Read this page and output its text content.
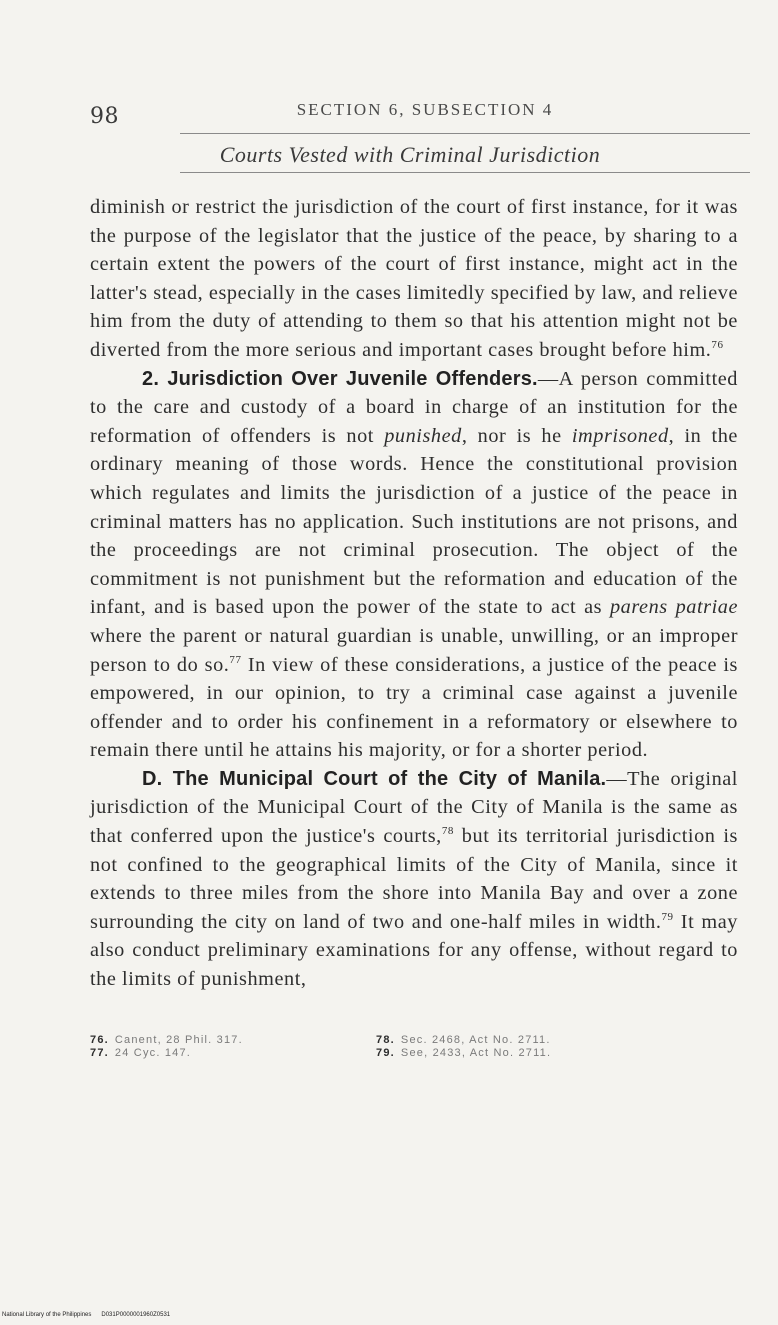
98	SECTION 6, SUBSECTION 4
Courts Vested with Criminal Jurisdiction

diminish or restrict the jurisdiction of the court of first instance, for it was the purpose of the legislator that the justice of the peace, by sharing to a certain extent the powers of the court of first instance, might act in the latter's stead, especially in the cases limitedly specified by law, and relieve him from the duty of attending to them so that his attention might not be diverted from the more serious and important cases brought before him.$^{76}$

2. Jurisdiction Over Juvenile Offenders.—A person committed to the care and custody of a board in charge of an institution for the reformation of offenders is not punished, nor is he imprisoned, in the ordinary meaning of those words. Hence the constitutional provision which regulates and limits the jurisdiction of a justice of the peace in criminal matters has no application. Such institutions are not prisons, and the proceedings are not criminal prosecution. The object of the commitment is not punishment but the reformation and education of the infant, and is based upon the power of the state to act as parens patriae where the parent or natural guardian is unable, unwilling, or an improper person to do so.$^{77}$ In view of these considerations, a justice of the peace is empowered, in our opinion, to try a criminal case against a juvenile offender and to order his confinement in a reformatory or elsewhere to remain there until he attains his majority, or for a shorter period.

D. The Municipal Court of the City of Manila.—The original jurisdiction of the Municipal Court of the City of Manila is the same as that conferred upon the justice's courts,$^{78}$ but its territorial jurisdiction is not confined to the geographical limits of the City of Manila, since it extends to three miles from the shore into Manila Bay and over a zone surrounding the city on land of two and one-half miles in width.$^{79}$ It may also conduct preliminary examinations for any offense, without regard to the limits of punishment,

76. Canent, 28 Phil. 317.
77. 24 Cyc. 147.
78. Sec. 2468, Act No. 2711.
79. See, 2433, Act No. 2711.
National Library of the Philippines D031P0000001960Z0531
